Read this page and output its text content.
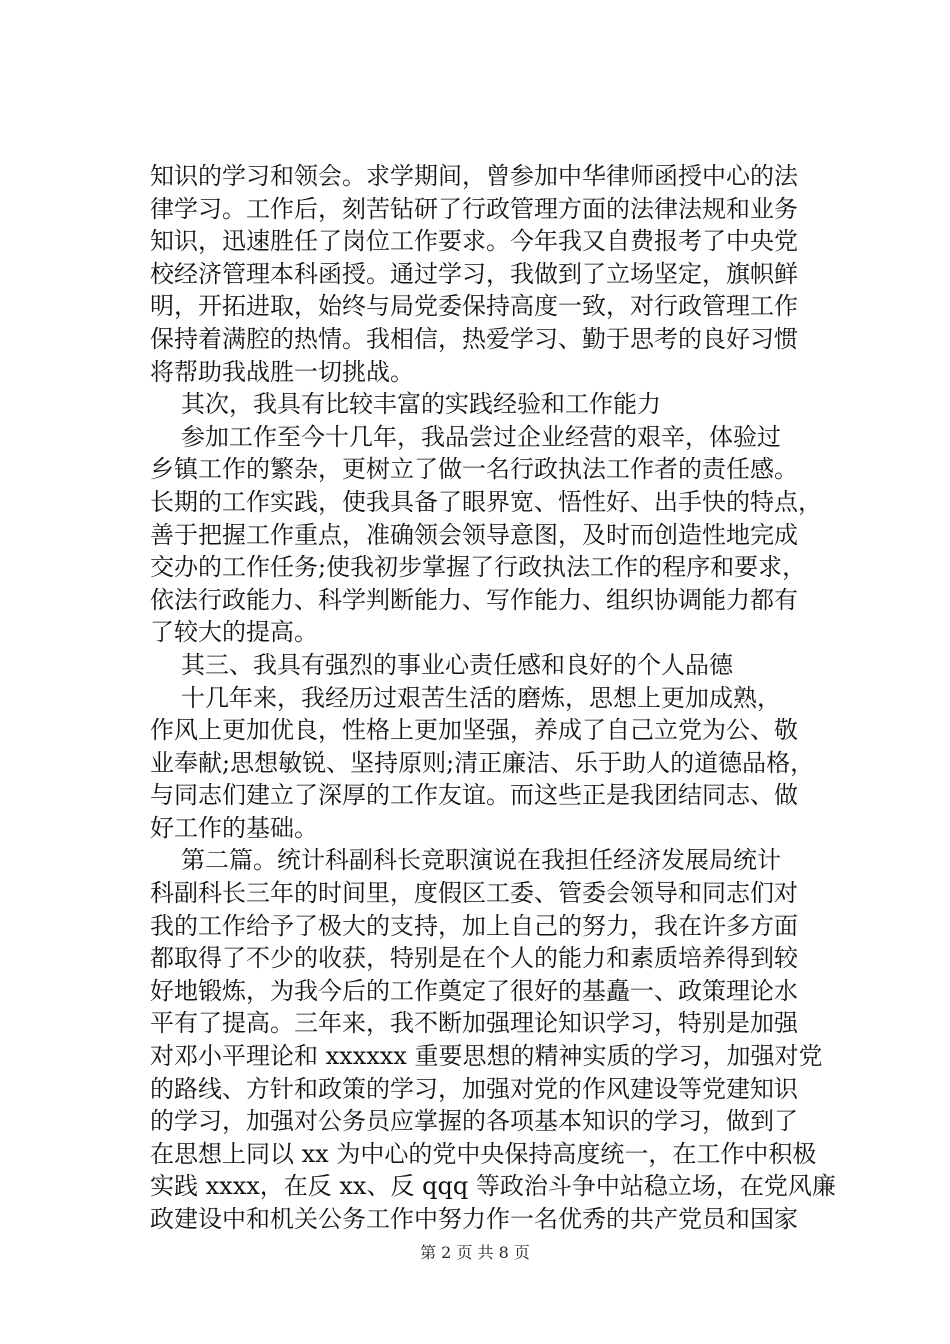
知识的学习和领会。求学期间，曾参加中华律师函授中心的法
律学习。工作后，刻苦钻研了行政管理方面的法律法规和业务
知识，迅速胜任了岗位工作要求。今年我又自费报考了中央党
校经济管理本科函授。通过学习，我做到了立场坚定，旗帜鲜
明，开拓进取，始终与局党委保持高度一致，对行政管理工作
保持着满腔的热情。我相信，热爱学习、勤于思考的良好习惯
将帮助我战胜一切挑战。
其次，我具有比较丰富的实践经验和工作能力
参加工作至今十几年，我品尝过企业经营的艰辛，体验过
乡镇工作的繁杂，更树立了做一名行政执法工作者的责任感。
长期的工作实践，使我具备了眼界宽、悟性好、出手快的特点，
善于把握工作重点，准确领会领导意图，及时而创造性地完成
交办的工作任务;使我初步掌握了行政执法工作的程序和要求，
依法行政能力、科学判断能力、写作能力、组织协调能力都有
了较大的提高。
其三、我具有强烈的事业心责任感和良好的个人品德
十几年来，我经历过艰苦生活的磨炼，思想上更加成熟，
作风上更加优良，性格上更加坚强，养成了自己立党为公、敬
业奉献;思想敏锐、坚持原则;清正廉洁、乐于助人的道德品格，
与同志们建立了深厚的工作友谊。而这些正是我团结同志、做
好工作的基础。
第二篇。统计科副科长竞职演说在我担任经济发展局统计
科副科长三年的时间里，度假区工委、管委会领导和同志们对
我的工作给予了极大的支持，加上自己的努力，我在许多方面
都取得了不少的收获，特别是在个人的能力和素质培养得到较
好地锻炼，为我今后的工作奠定了很好的基矗一、政策理论水
平有了提高。三年来，我不断加强理论知识学习，特别是加强
对邓小平理论和 xxxxxx 重要思想的精神实质的学习，加强对党
的路线、方针和政策的学习，加强对党的作风建设等党建知识
的学习，加强对公务员应掌握的各项基本知识的学习，做到了
在思想上同以 xx 为中心的党中央保持高度统一，在工作中积极
实践 xxxx，在反 xx、反 qqq 等政治斗争中站稳立场，在党风廉
政建设中和机关公务工作中努力作一名优秀的共产党员和国家
第 2 页 共 8 页
